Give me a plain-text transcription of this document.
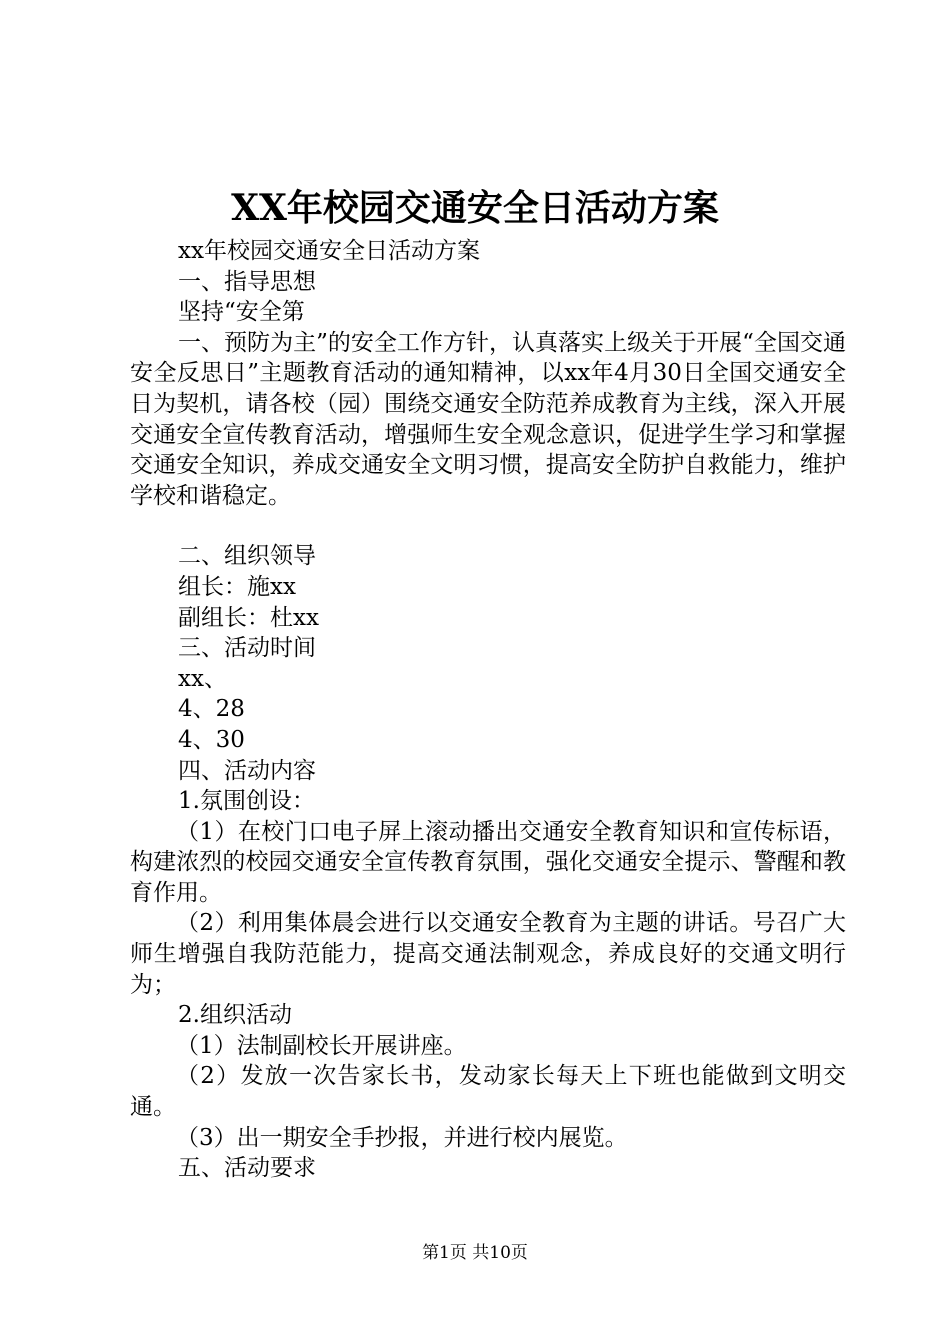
XX年校园交通安全日活动方案

xx年校园交通安全日活动方案

一、指导思想

坚持“安全第

一、预防为主”的安全工作方针，认真落实上级关于开展“全国交通安全反思日”主题教育活动的通知精神，以xx年4月30日全国交通安全日为契机，请各校（园）围绕交通安全防范养成教育为主线，深入开展交通安全宣传教育活动，增强师生安全观念意识，促进学生学习和掌握交通安全知识，养成交通安全文明习惯，提高安全防护自救能力，维护学校和谐稳定。

二、组织领导

组长：施xx

副组长：杜xx

三、活动时间

xx、

4、28

4、30

四、活动内容

1.氛围创设：

（1）在校门口电子屏上滚动播出交通安全教育知识和宣传标语，构建浓烈的校园交通安全宣传教育氛围，强化交通安全提示、警醒和教育作用。

（2）利用集体晨会进行以交通安全教育为主题的讲话。号召广大师生增强自我防范能力，提高交通法制观念，养成良好的交通文明行为；

2.组织活动

（1）法制副校长开展讲座。

（2）发放一次告家长书，发动家长每天上下班也能做到文明交通。

（3）出一期安全手抄报，并进行校内展览。

五、活动要求

第1页 共10页
